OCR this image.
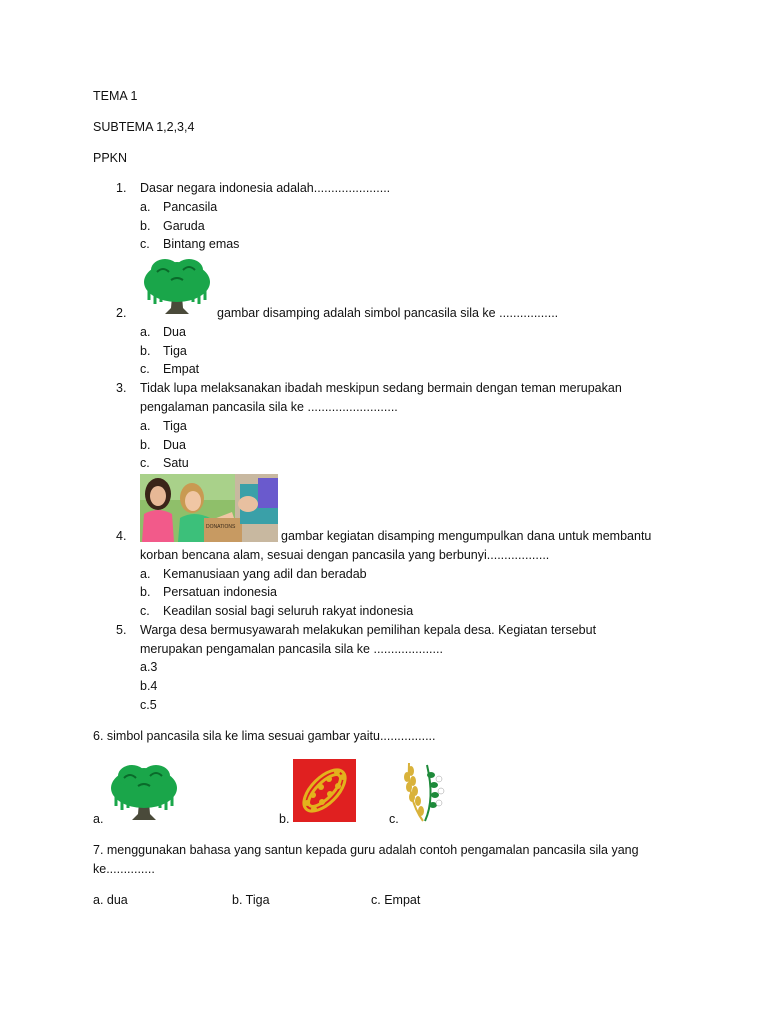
TEMA 1
SUBTEMA 1,2,3,4
PPKN
1. Dasar negara indonesia adalah......................
a. Pancasila
b. Garuda
c. Bintang emas
2.	gambar disamping adalah simbol pancasila sila ke .................
a. Dua
b. Tiga
c. Empat
3. Tidak lupa melaksanakan ibadah meskipun sedang bermain dengan teman merupakan
pengalaman pancasila sila ke ..........................
a. Tiga
b. Dua
c. Satu
DONATIONS
4.	gambar kegiatan disamping mengumpulkan dana untuk membantu
korban bencana alam, sesuai dengan pancasila yang berbunyi..................
a. Kemanusiaan yang adil dan beradab
b. Persatuan indonesia
c. Keadilan sosial bagi seluruh rakyat indonesia
5. Warga desa bermusyawarah melakukan pemilihan kepala desa. Kegiatan tersebut
merupakan pengamalan pancasila sila ke ....................
a.3
b.4
c.5
6. simbol pancasila sila ke lima sesuai gambar yaitu................
a.	b.	c.
7. menggunakan bahasa yang santun kepada guru adalah contoh pengamalan pancasila sila yang
ke..............
a. dua	b. Tiga	c. Empat
